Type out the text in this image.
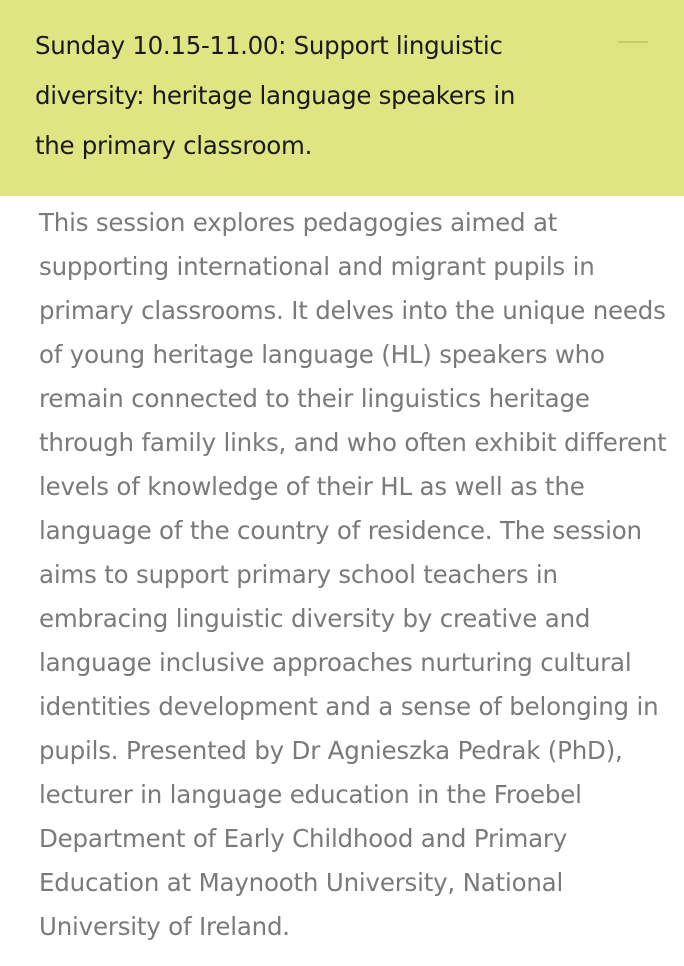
Sunday 10.15-11.00: Support linguistic diversity: heritage language speakers in the primary classroom.

This session explores pedagogies aimed at supporting international and migrant pupils in primary classrooms. It delves into the unique needs of young heritage language (HL) speakers who remain connected to their linguistics heritage through family links, and who often exhibit different levels of knowledge of their HL as well as the language of the country of residence. The session aims to support primary school teachers in embracing linguistic diversity by creative and language inclusive approaches nurturing cultural identities development and a sense of belonging in pupils. Presented by Dr Agnieszka Pedrak (PhD), lecturer in language education in the Froebel Department of Early Childhood and Primary Education at Maynooth University, National University of Ireland.
